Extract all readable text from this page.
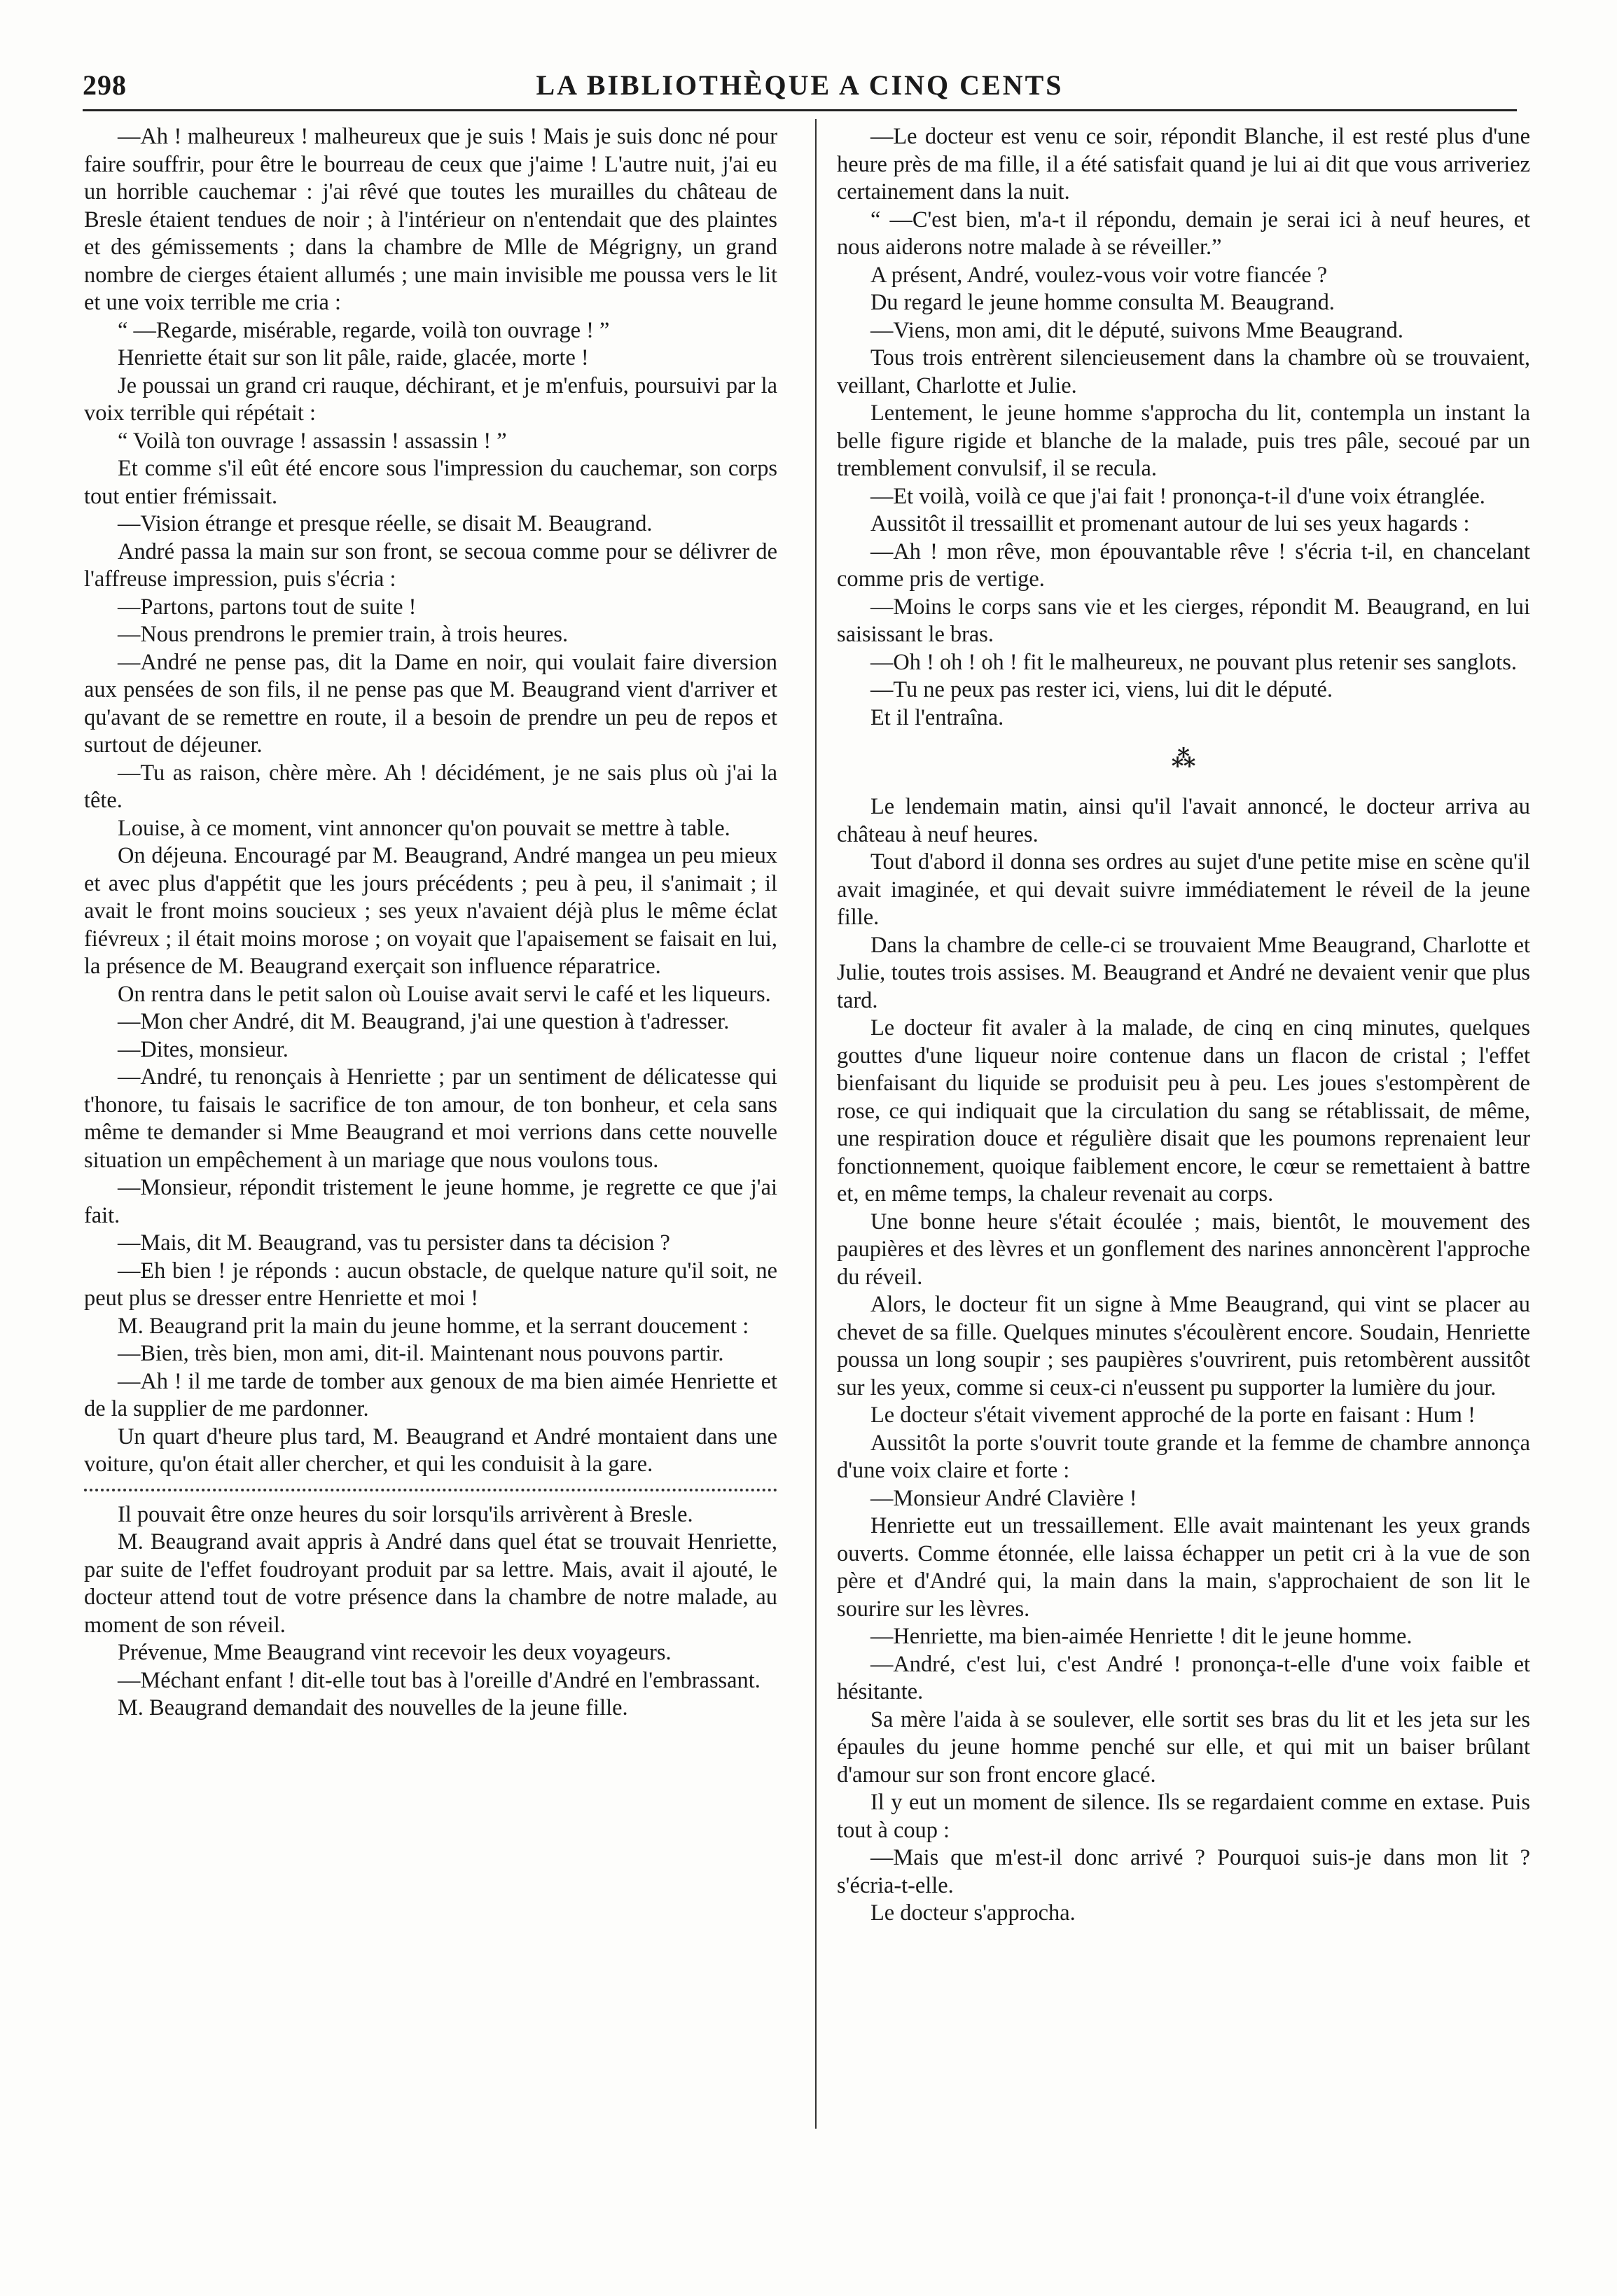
298	LA BIBLIOTHÈQUE A CINQ CENTS

—Ah ! malheureux ! malheureux que je suis ! Mais je suis donc né pour faire souffrir, pour être le bourreau de ceux que j'aime ! L'autre nuit, j'ai eu un horrible cauchemar : j'ai rêvé que toutes les murailles du château de Bresle étaient tendues de noir ; à l'intérieur on n'entendait que des plaintes et des gémissements ; dans la chambre de Mlle de Mégrigny, un grand nombre de cierges étaient allumés ; une main invisible me poussa vers le lit et une voix terrible me cria :

“ —Regarde, misérable, regarde, voilà ton ouvrage ! ”

Henriette était sur son lit pâle, raide, glacée, morte !

Je poussai un grand cri rauque, déchirant, et je m'enfuis, poursuivi par la voix terrible qui répétait :

“ Voilà ton ouvrage ! assassin ! assassin ! ”

Et comme s'il eût été encore sous l'impression du cauchemar, son corps tout entier frémissait.

—Vision étrange et presque réelle, se disait M. Beaugrand.

André passa la main sur son front, se secoua comme pour se délivrer de l'affreuse impression, puis s'écria :

—Partons, partons tout de suite !

—Nous prendrons le premier train, à trois heures.

—André ne pense pas, dit la Dame en noir, qui voulait faire diversion aux pensées de son fils, il ne pense pas que M. Beaugrand vient d'arriver et qu'avant de se remettre en route, il a besoin de prendre un peu de repos et surtout de déjeuner.

—Tu as raison, chère mère. Ah ! décidément, je ne sais plus où j'ai la tête.

Louise, à ce moment, vint annoncer qu'on pouvait se mettre à table.

On déjeuna. Encouragé par M. Beaugrand, André mangea un peu mieux et avec plus d'appétit que les jours précédents ; peu à peu, il s'animait ; il avait le front moins soucieux ; ses yeux n'avaient déjà plus le même éclat fiévreux ; il était moins morose ; on voyait que l'apaisement se faisait en lui, la présence de M. Beaugrand exerçait son influence réparatrice.

On rentra dans le petit salon où Louise avait servi le café et les liqueurs.

—Mon cher André, dit M. Beaugrand, j'ai une question à t'adresser.

—Dites, monsieur.

—André, tu renonçais à Henriette ; par un sentiment de délicatesse qui t'honore, tu faisais le sacrifice de ton amour, de ton bonheur, et cela sans même te demander si Mme Beaugrand et moi verrions dans cette nouvelle situation un empêchement à un mariage que nous voulons tous.

—Monsieur, répondit tristement le jeune homme, je regrette ce que j'ai fait.

—Mais, dit M. Beaugrand, vas tu persister dans ta décision ?

—Eh bien ! je réponds : aucun obstacle, de quelque nature qu'il soit, ne peut plus se dresser entre Henriette et moi !

M. Beaugrand prit la main du jeune homme, et la serrant doucement :

—Bien, très bien, mon ami, dit-il. Maintenant nous pouvons partir.

—Ah ! il me tarde de tomber aux genoux de ma bien aimée Henriette et de la supplier de me pardonner.

Un quart d'heure plus tard, M. Beaugrand et André montaient dans une voiture, qu'on était aller chercher, et qui les conduisit à la gare.

Il pouvait être onze heures du soir lorsqu'ils arrivèrent à Bresle.

M. Beaugrand avait appris à André dans quel état se trouvait Henriette, par suite de l'effet foudroyant produit par sa lettre. Mais, avait il ajouté, le docteur attend tout de votre présence dans la chambre de notre malade, au moment de son réveil.

Prévenue, Mme Beaugrand vint recevoir les deux voyageurs.

—Méchant enfant ! dit-elle tout bas à l'oreille d'André en l'embrassant.

M. Beaugrand demandait des nouvelles de la jeune fille.

—Le docteur est venu ce soir, répondit Blanche, il est resté plus d'une heure près de ma fille, il a été satisfait quand je lui ai dit que vous arriveriez certainement dans la nuit.

“ —C'est bien, m'a-t il répondu, demain je serai ici à neuf heures, et nous aiderons notre malade à se réveiller.”

A présent, André, voulez-vous voir votre fiancée ?

Du regard le jeune homme consulta M. Beaugrand.

—Viens, mon ami, dit le député, suivons Mme Beaugrand.

Tous trois entrèrent silencieusement dans la chambre où se trouvaient, veillant, Charlotte et Julie.

Lentement, le jeune homme s'approcha du lit, contempla un instant la belle figure rigide et blanche de la malade, puis tres pâle, secoué par un tremblement convulsif, il se recula.

—Et voilà, voilà ce que j'ai fait ! prononça-t-il d'une voix étranglée.

Aussitôt il tressaillit et promenant autour de lui ses yeux hagards :

—Ah ! mon rêve, mon épouvantable rêve ! s'écria t-il, en chancelant comme pris de vertige.

—Moins le corps sans vie et les cierges, répondit M. Beaugrand, en lui saisissant le bras.

—Oh ! oh ! oh ! fit le malheureux, ne pouvant plus retenir ses sanglots.

—Tu ne peux pas rester ici, viens, lui dit le député.

Et il l'entraîna.

⁂

Le lendemain matin, ainsi qu'il l'avait annoncé, le docteur arriva au château à neuf heures.

Tout d'abord il donna ses ordres au sujet d'une petite mise en scène qu'il avait imaginée, et qui devait suivre immédiatement le réveil de la jeune fille.

Dans la chambre de celle-ci se trouvaient Mme Beaugrand, Charlotte et Julie, toutes trois assises. M. Beaugrand et André ne devaient venir que plus tard.

Le docteur fit avaler à la malade, de cinq en cinq minutes, quelques gouttes d'une liqueur noire contenue dans un flacon de cristal ; l'effet bienfaisant du liquide se produisit peu à peu. Les joues s'estompèrent de rose, ce qui indiquait que la circulation du sang se rétablissait, de même, une respiration douce et régulière disait que les poumons reprenaient leur fonctionnement, quoique faiblement encore, le cœur se remettaient à battre et, en même temps, la chaleur revenait au corps.

Une bonne heure s'était écoulée ; mais, bientôt, le mouvement des paupières et des lèvres et un gonflement des narines annoncèrent l'approche du réveil.

Alors, le docteur fit un signe à Mme Beaugrand, qui vint se placer au chevet de sa fille. Quelques minutes s'écoulèrent encore. Soudain, Henriette poussa un long soupir ; ses paupières s'ouvrirent, puis retombèrent aussitôt sur les yeux, comme si ceux-ci n'eussent pu supporter la lumière du jour.

Le docteur s'était vivement approché de la porte en faisant : Hum !

Aussitôt la porte s'ouvrit toute grande et la femme de chambre annonça d'une voix claire et forte :

—Monsieur André Clavière !

Henriette eut un tressaillement. Elle avait maintenant les yeux grands ouverts. Comme étonnée, elle laissa échapper un petit cri à la vue de son père et d'André qui, la main dans la main, s'approchaient de son lit le sourire sur les lèvres.

—Henriette, ma bien-aimée Henriette ! dit le jeune homme.

—André, c'est lui, c'est André ! prononça-t-elle d'une voix faible et hésitante.

Sa mère l'aida à se soulever, elle sortit ses bras du lit et les jeta sur les épaules du jeune homme penché sur elle, et qui mit un baiser brûlant d'amour sur son front encore glacé.

Il y eut un moment de silence. Ils se regardaient comme en extase. Puis tout à coup :

—Mais que m'est-il donc arrivé ? Pourquoi suis-je dans mon lit ? s'écria-t-elle.

Le docteur s'approcha.
